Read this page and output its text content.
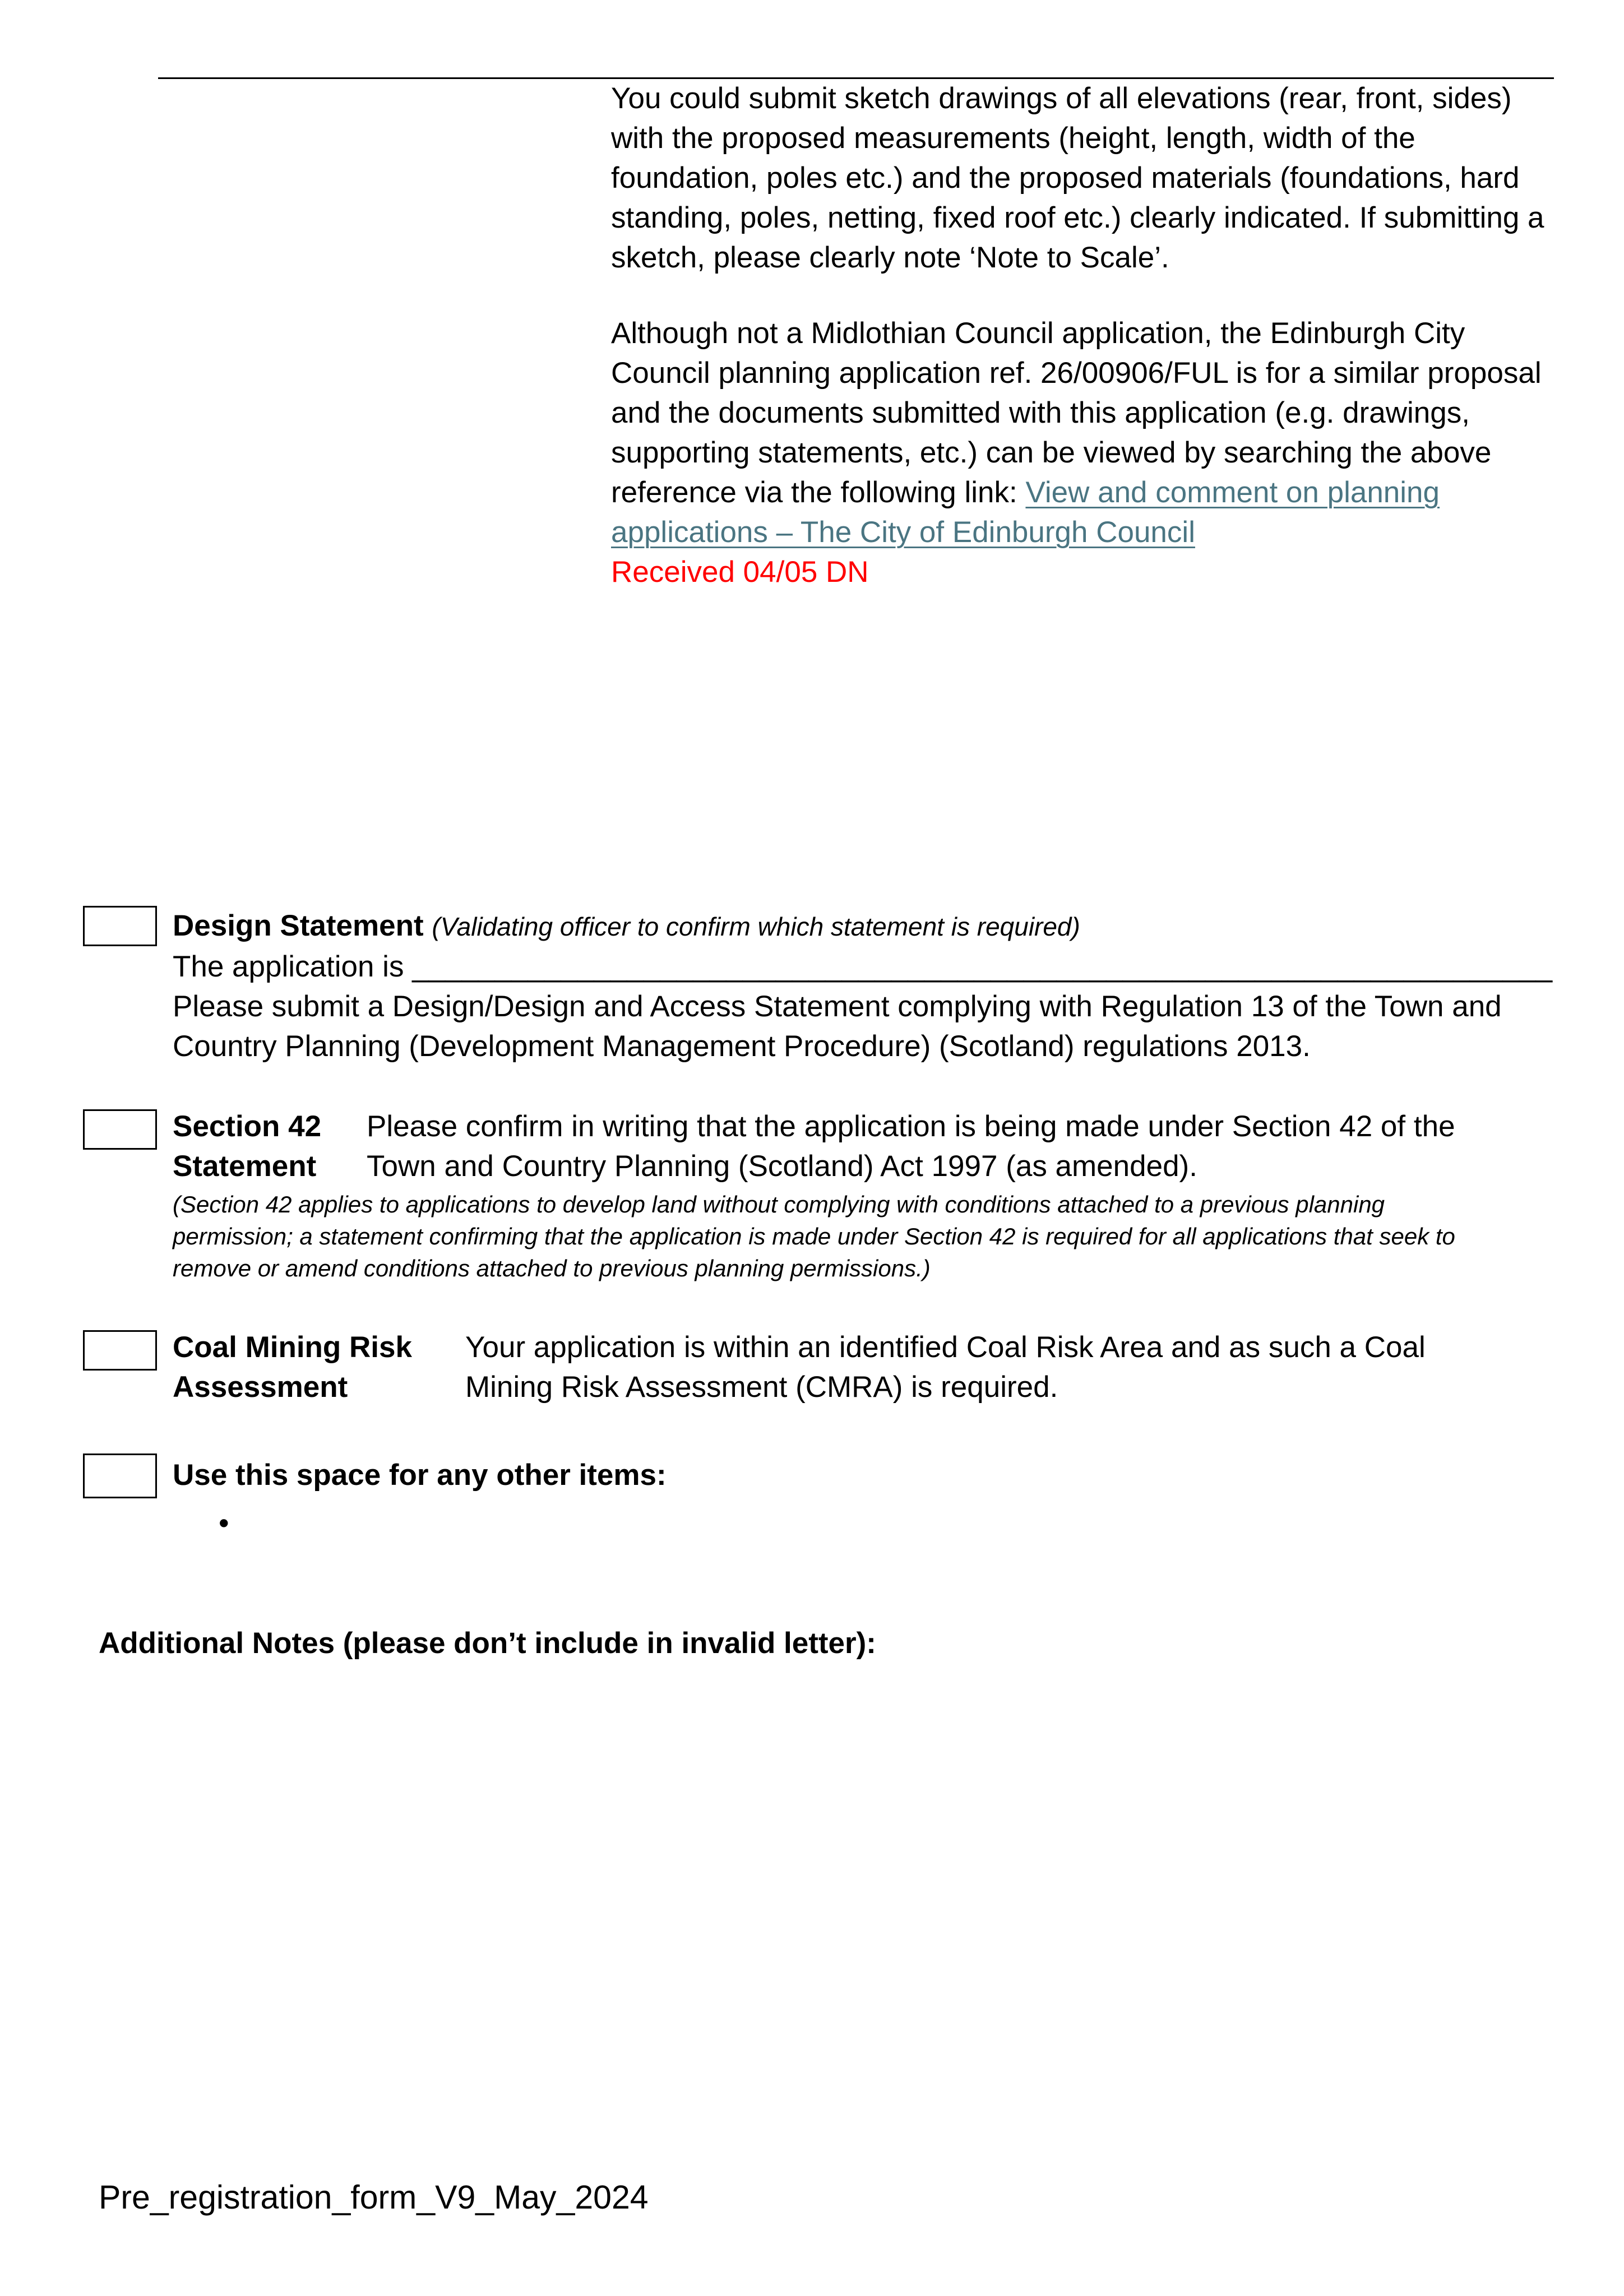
You could submit sketch drawings of all elevations (rear, front, sides) with the proposed measurements (height, length, width of the foundation, poles etc.) and the proposed materials (foundations, hard standing, poles, netting, fixed roof etc.) clearly indicated. If submitting a sketch, please clearly note ‘Note to Scale’.

Although not a Midlothian Council application, the Edinburgh City Council planning application ref. 26/00906/FUL is for a similar proposal and the documents submitted with this application (e.g. drawings, supporting statements, etc.) can be viewed by searching the above reference via the following link: View and comment on planning applications – The City of Edinburgh Council
Received 04/05 DN

Design Statement (Validating officer to confirm which statement is required)
The application is _____________________________________________________________________
Please submit a Design/Design and Access Statement complying with Regulation 13 of the Town and Country Planning (Development Management Procedure) (Scotland) regulations 2013.
Section 42
Statement
Please confirm in writing that the application is being made under Section 42 of the
Town and Country Planning (Scotland) Act 1997 (as amended).
(Section 42 applies to applications to develop land without complying with conditions attached to a previous planning
permission; a statement confirming that the application is made under Section 42 is required for all applications that seek to
remove or amend conditions attached to previous planning permissions.)
Coal Mining Risk
Assessment
Your application is within an identified Coal Risk Area and as such a Coal
Mining Risk Assessment (CMRA) is required.
Use this space for any other items:
•
Additional Notes (please don’t include in invalid letter):
Pre_registration_form_V9_May_2024
